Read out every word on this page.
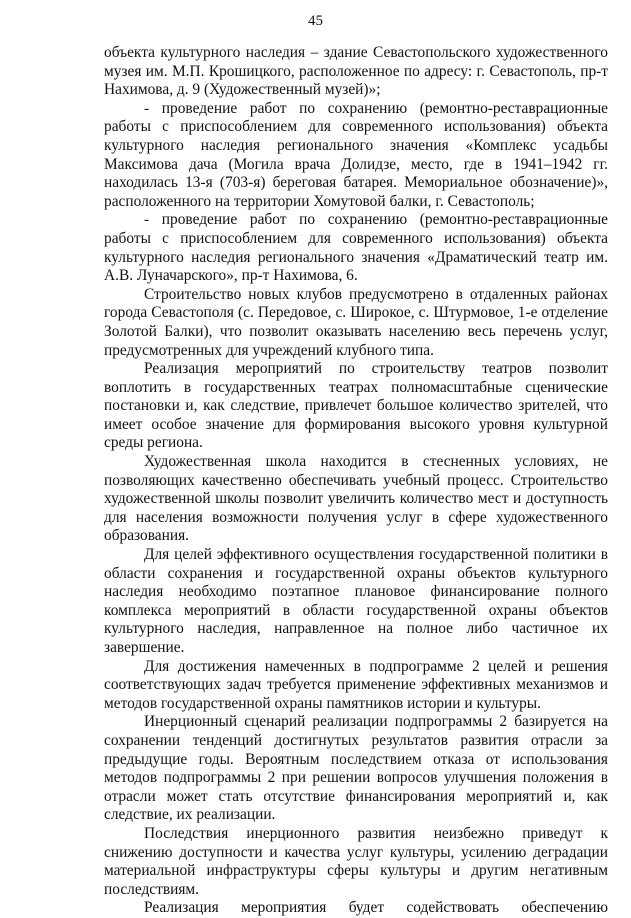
45

объекта культурного наследия – здание Севастопольского художественного музея им. М.П. Крошицкого, расположенное по адресу: г. Севастополь, пр-т Нахимова, д. 9 (Художественный музей)»;

- проведение работ по сохранению (ремонтно-реставрационные работы с приспособлением для современного использования) объекта культурного наследия регионального значения «Комплекс усадьбы Максимова дача (Могила врача Долидзе, место, где в 1941–1942 гг. находилась 13-я (703-я) береговая батарея. Мемориальное обозначение)», расположенного на территории Хомутовой балки, г. Севастополь;

- проведение работ по сохранению (ремонтно-реставрационные работы с приспособлением для современного использования) объекта культурного наследия регионального значения «Драматический театр им. А.В. Луначарского», пр-т Нахимова, 6.

Строительство новых клубов предусмотрено в отдаленных районах города Севастополя (с. Передовое, с. Широкое, с. Штурмовое, 1-е отделение Золотой Балки), что позволит оказывать населению весь перечень услуг, предусмотренных для учреждений клубного типа.

Реализация мероприятий по строительству театров позволит воплотить в государственных театрах полномасштабные сценические постановки и, как следствие, привлечет большое количество зрителей, что имеет особое значение для формирования высокого уровня культурной среды региона.

Художественная школа находится в стесненных условиях, не позволяющих качественно обеспечивать учебный процесс. Строительство художественной школы позволит увеличить количество мест и доступность для населения возможности получения услуг в сфере художественного образования.

Для целей эффективного осуществления государственной политики в области сохранения и государственной охраны объектов культурного наследия необходимо поэтапное плановое финансирование полного комплекса мероприятий в области государственной охраны объектов культурного наследия, направленное на полное либо частичное их завершение.

Для достижения намеченных в подпрограмме 2 целей и решения соответствующих задач требуется применение эффективных механизмов и методов государственной охраны памятников истории и культуры.

Инерционный сценарий реализации подпрограммы 2 базируется на сохранении тенденций достигнутых результатов развития отрасли за предыдущие годы. Вероятным последствием отказа от использования методов подпрограммы 2 при решении вопросов улучшения положения в отрасли может стать отсутствие финансирования мероприятий и, как следствие, их реализации.

Последствия инерционного развития неизбежно приведут к снижению доступности и качества услуг культуры, усилению деградации материальной инфраструктуры сферы культуры и другим негативным последствиям.

Реализация мероприятия будет содействовать обеспечению
